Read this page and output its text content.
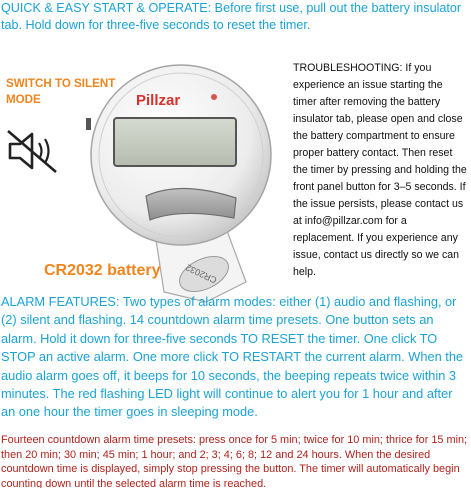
QUICK & EASY START & OPERATE: Before first use, pull out the battery insulator tab. Hold down for three-five seconds to reset the timer.
SWITCH TO SILENT MODE
CR2032
Pillzar
CR2032 battery
TROUBLESHOOTING: If you experience an issue starting the timer after removing the battery insulator tab, please open and close the battery compartment to ensure proper battery contact. Then reset the timer by pressing and holding the front panel button for 3–5 seconds. If the issue persists, please contact us at info@pillzar.com for a replacement. If you experience any issue, contact us directly so we can help.
ALARM FEATURES: Two types of alarm modes: either (1) audio and flashing, or (2) silent and flashing. 14 countdown alarm time presets. One button sets an alarm. Hold it down for three-five seconds TO RESET the timer. One click TO STOP an active alarm. One more click TO RESTART the current alarm. When the audio alarm goes off, it beeps for 10 seconds, the beeping repeats twice within 3 minutes. The red flashing LED light will continue to alert you for 1 hour and after an one hour the timer goes in sleeping mode.
Fourteen countdown alarm time presets: press once for 5 min; twice for 10 min; thrice for 15 min; then 20 min; 30 min; 45 min; 1 hour; and 2; 3; 4; 6; 8; 12 and 24 hours. When the desired countdown time is displayed, simply stop pressing the button. The timer will automatically begin counting down until the selected alarm time is reached.
